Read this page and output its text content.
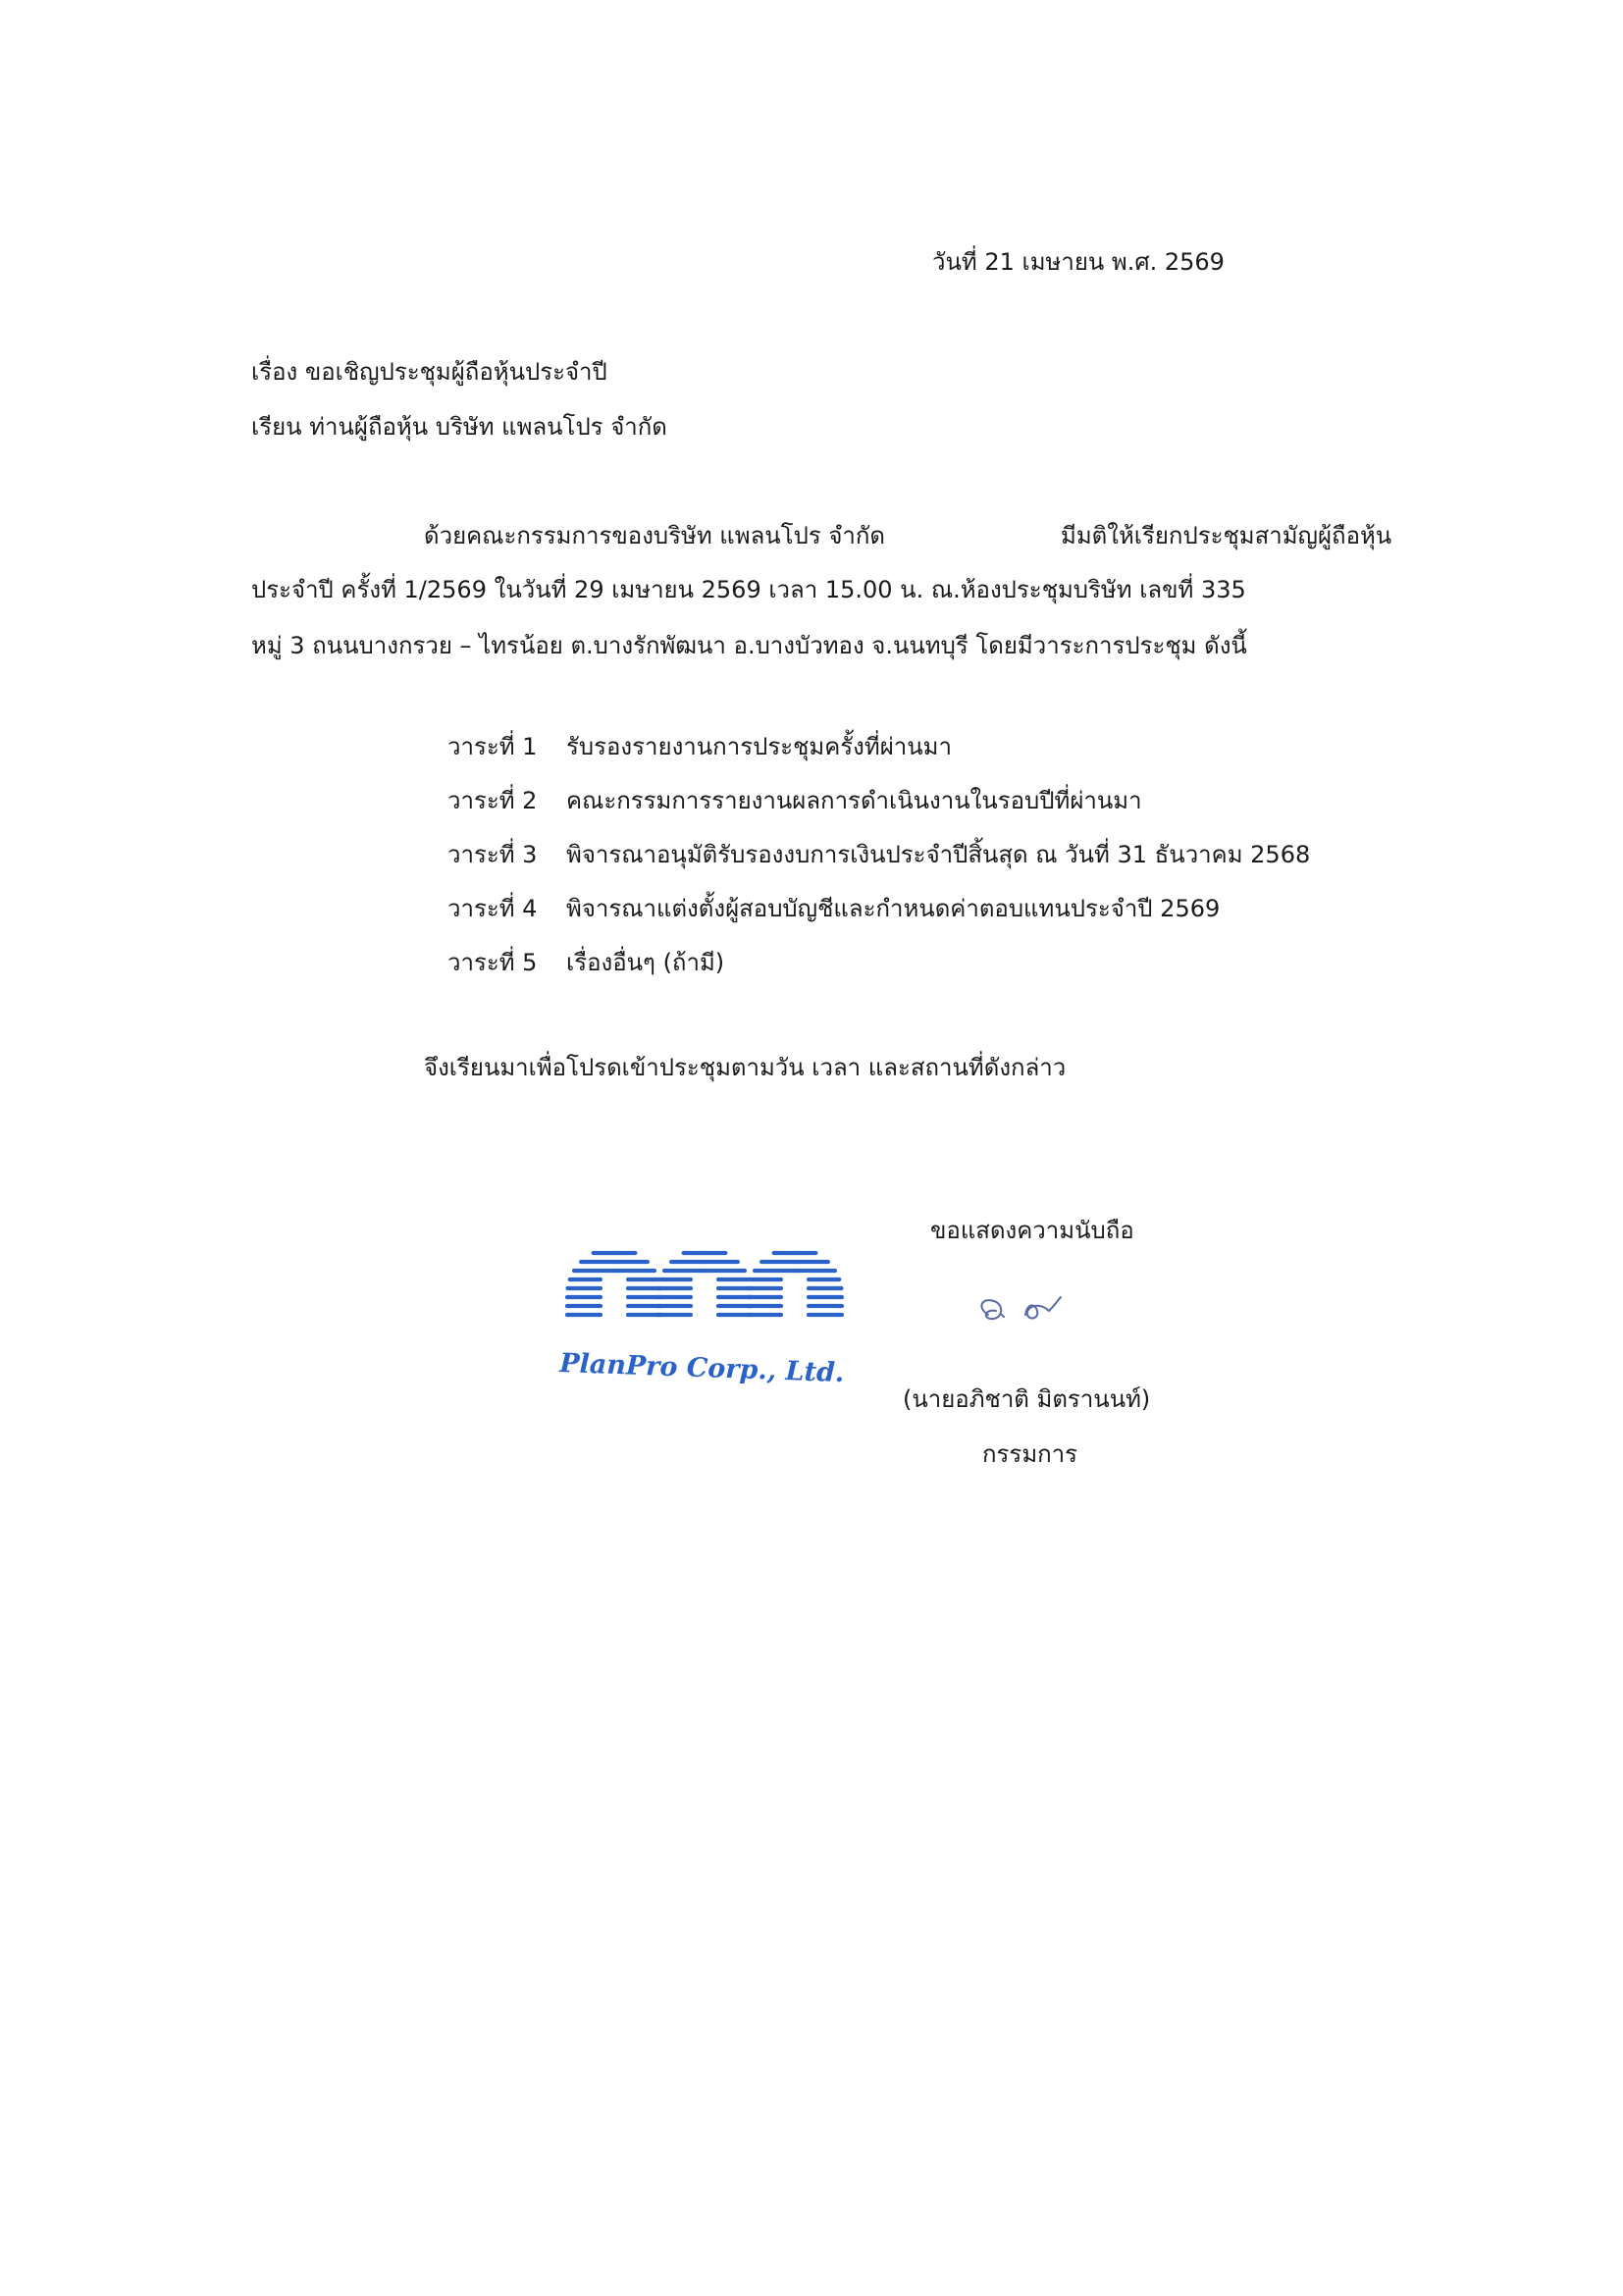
วันที่ 21 เมษายน พ.ศ. 2569
เรื่อง ขอเชิญประชุมผู้ถือหุ้นประจำปี
เรียน ท่านผู้ถือหุ้น บริษัท แพลนโปร จำกัด
ด้วยคณะกรรมการของบริษัท แพลนโปร จำกัด	มีมติให้เรียกประชุมสามัญผู้ถือหุ้น
ประจำปี ครั้งที่ 1/2569 ในวันที่ 29 เมษายน 2569 เวลา 15.00 น. ณ.ห้องประชุมบริษัท เลขที่ 335
หมู่ 3 ถนนบางกรวย – ไทรน้อย ต.บางรักพัฒนา อ.บางบัวทอง จ.นนทบุรี โดยมีวาระการประชุม ดังนี้
วาระที่ 1 รับรองรายงานการประชุมครั้งที่ผ่านมา
วาระที่ 2 คณะกรรมการรายงานผลการดำเนินงานในรอบปีที่ผ่านมา
วาระที่ 3 พิจารณาอนุมัติรับรองงบการเงินประจำปีสิ้นสุด ณ วันที่ 31 ธันวาคม 2568
วาระที่ 4 พิจารณาแต่งตั้งผู้สอบบัญชีและกำหนดค่าตอบแทนประจำปี 2569
วาระที่ 5 เรื่องอื่นๆ (ถ้ามี)
จึงเรียนมาเพื่อโปรดเข้าประชุมตามวัน เวลา และสถานที่ดังกล่าว
ขอแสดงความนับถือ
PlanPro Corp., Ltd.
(นายอภิชาติ มิตรานนท์)
กรรมการ
